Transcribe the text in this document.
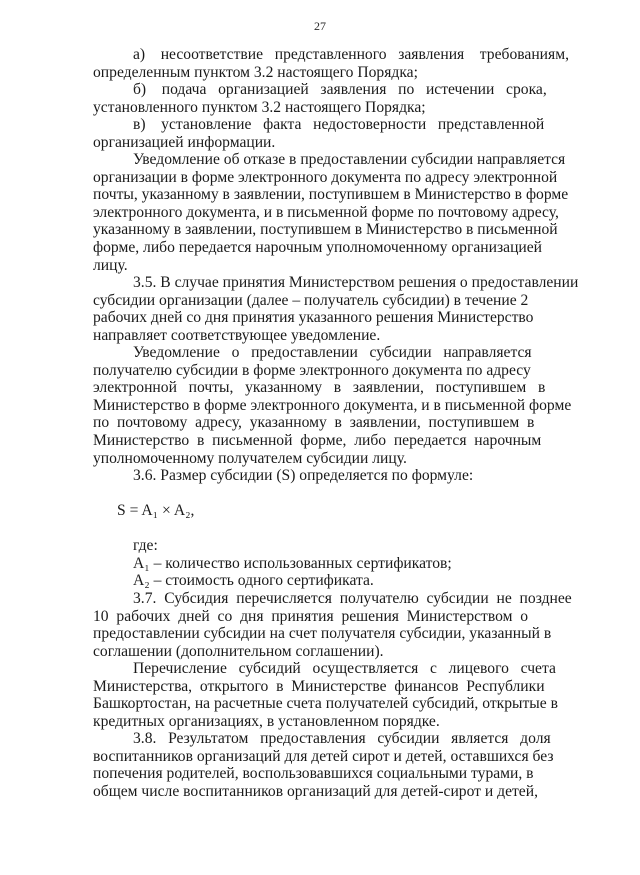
27

а)    несоответствие   представленного   заявления    требованиям,
определенным пунктом 3.2 настоящего Порядка;

б)    подача   организацией   заявления   по   истечении   срока,
установленного пунктом 3.2 настоящего Порядка;

в)    установление   факта   недостоверности   представленной
организацией информации.

Уведомление об отказе в предоставлении субсидии направляется
организации в форме электронного документа по адресу электронной
почты, указанному в заявлении, поступившем в Министерство в форме
электронного документа, и в письменной форме по почтовому адресу,
указанному в заявлении, поступившем в Министерство в письменной
форме, либо передается нарочным уполномоченному организацией
лицу.

3.5. В случае принятия Министерством решения о предоставлении
субсидии организации (далее – получатель субсидии) в течение 2
рабочих дней со дня принятия указанного решения Министерство
направляет соответствующее уведомление.

Уведомление   о   предоставлении   субсидии   направляется
получателю субсидии в форме электронного документа по адресу
электронной   почты,   указанному   в   заявлении,   поступившем   в
Министерство в форме электронного документа, и в письменной форме
по  почтовому  адресу,  указанному  в  заявлении,  поступившем  в
Министерство  в  письменной  форме,  либо  передается  нарочным
уполномоченному получателем субсидии лицу.

3.6. Размер субсидии (S) определяется по формуле:

S = A₁ × A₂,

где:

A₁ – количество использованных сертификатов;

A₂ – стоимость одного сертификата.

3.7.  Субсидия  перечисляется  получателю  субсидии  не  позднее
10  рабочих  дней  со  дня  принятия  решения  Министерством  о
предоставлении субсидии на счет получателя субсидии, указанный в
соглашении (дополнительном соглашении).

Перечисление   субсидий   осуществляется   с   лицевого   счета
Министерства,  открытого  в  Министерстве  финансов  Республики
Башкортостан, на расчетные счета получателей субсидий, открытые в
кредитных организациях, в установленном порядке.

3.8.   Результатом   предоставления   субсидии   является   доля
воспитанников организаций для детей сирот и детей, оставшихся без
попечения родителей, воспользовавшихся социальными турами, в
общем числе воспитанников организаций для детей-сирот и детей,
